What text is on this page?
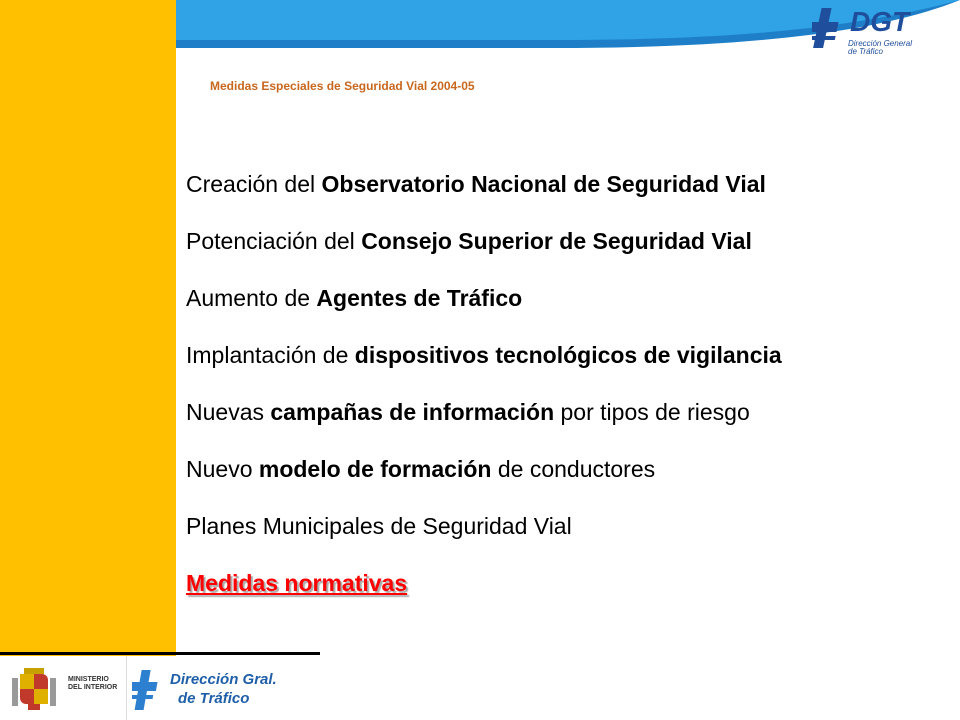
DGT
Dirección General
de Tráfico
Medidas Especiales de Seguridad Vial 2004-05
Creación del Observatorio Nacional de Seguridad Vial
Potenciación del Consejo Superior de Seguridad Vial
Aumento de Agentes de Tráfico
Implantación de dispositivos tecnológicos de vigilancia
Nuevas campañas de información por tipos de riesgo
Nuevo modelo de formación de conductores
Planes Municipales de Seguridad Vial
Medidas normativas
MINISTERIO
DEL INTERIOR	Dirección Gral.
de Tráfico
